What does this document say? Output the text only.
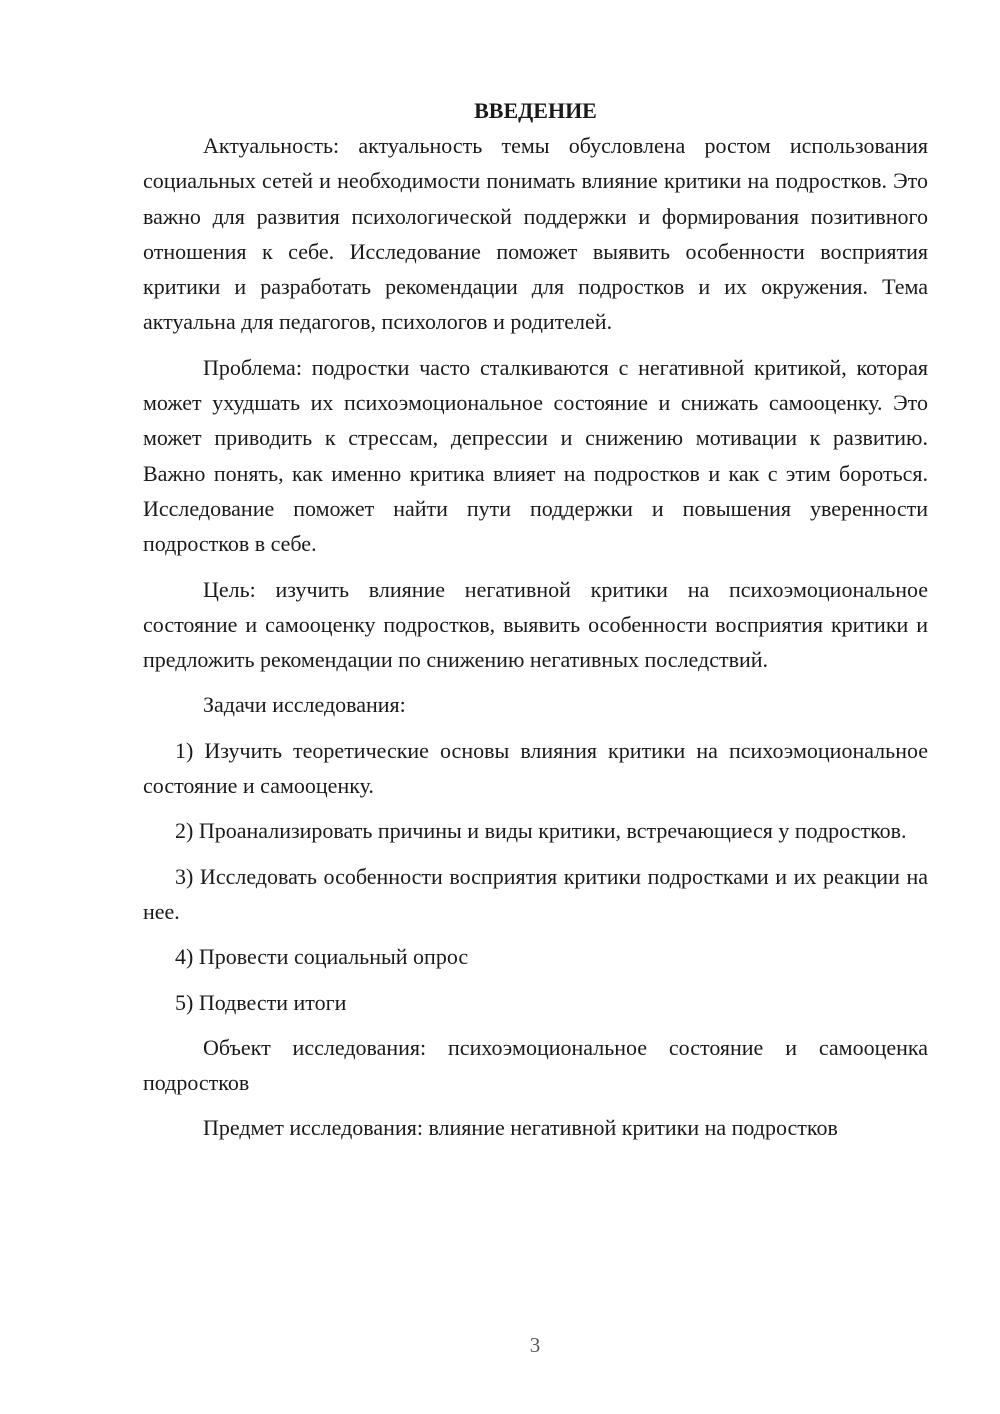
ВВЕДЕНИЕ

Актуальность: актуальность темы обусловлена ростом использования социальных сетей и необходимости понимать влияние критики на подростков. Это важно для развития психологической поддержки и формирования позитивного отношения к себе. Исследование поможет выявить особенности восприятия критики и разработать рекомендации для подростков и их окружения. Тема актуальна для педагогов, психологов и родителей.

Проблема: подростки часто сталкиваются с негативной критикой, которая может ухудшать их психоэмоциональное состояние и снижать самооценку. Это может приводить к стрессам, депрессии и снижению мотивации к развитию. Важно понять, как именно критика влияет на подростков и как с этим бороться. Исследование поможет найти пути поддержки и повышения уверенности подростков в себе.

Цель: изучить влияние негативной критики на психоэмоциональное состояние и самооценку подростков, выявить особенности восприятия критики и предложить рекомендации по снижению негативных последствий.

Задачи исследования:

1) Изучить теоретические основы влияния критики на психоэмоциональное состояние и самооценку.

2) Проанализировать причины и виды критики, встречающиеся у подростков.

3) Исследовать особенности восприятия критики подростками и их реакции на нее.

4) Провести социальный опрос

5) Подвести итоги

Объект исследования: психоэмоциональное состояние и самооценка подростков

Предмет исследования: влияние негативной критики на подростков

3
